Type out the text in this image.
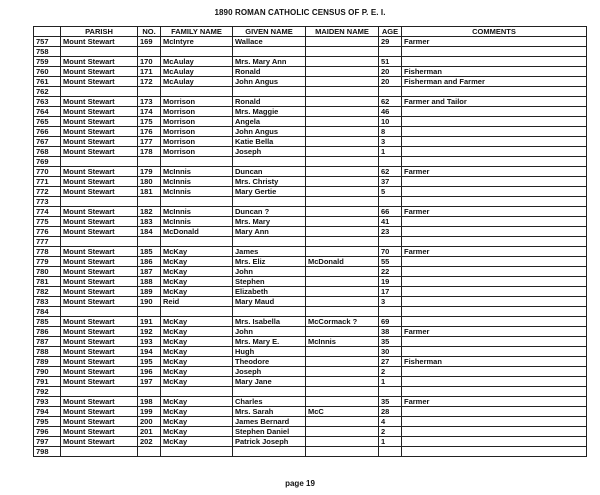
1890 ROMAN CATHOLIC CENSUS OF P. E. I.
	PARISH	NO.	FAMILY NAME	GIVEN NAME	MAIDEN NAME	AGE	COMMENTS
757	Mount Stewart	169	McIntyre	Wallace		29	Farmer
758							
759	Mount Stewart	170	McAulay	Mrs. Mary Ann		51	
760	Mount Stewart	171	McAulay	Ronald		20	Fisherman
761	Mount Stewart	172	McAulay	John Angus		20	Fisherman and Farmer
762							
763	Mount Stewart	173	Morrison	Ronald		62	Farmer and Tailor
764	Mount Stewart	174	Morrison	Mrs. Maggie		46	
765	Mount Stewart	175	Morrison	Angela		10	
766	Mount Stewart	176	Morrison	John Angus		8	
767	Mount Stewart	177	Morrison	Katie Bella		3	
768	Mount Stewart	178	Morrison	Joseph		1	
769							
770	Mount Stewart	179	McInnis	Duncan		62	Farmer
771	Mount Stewart	180	McInnis	Mrs. Christy		37	
772	Mount Stewart	181	McInnis	Mary Gertie		5	
773							
774	Mount Stewart	182	McInnis	Duncan ?		66	Farmer
775	Mount Stewart	183	McInnis	Mrs. Mary		41	
776	Mount Stewart	184	McDonald	Mary Ann		23	
777							
778	Mount Stewart	185	McKay	James		70	Farmer
779	Mount Stewart	186	McKay	Mrs. Eliz	McDonald	55	
780	Mount Stewart	187	McKay	John		22	
781	Mount Stewart	188	McKay	Stephen		19	
782	Mount Stewart	189	McKay	Elizabeth		17	
783	Mount Stewart	190	Reid	Mary Maud		3	
784							
785	Mount Stewart	191	McKay	Mrs. Isabella	McCormack ?	69	
786	Mount Stewart	192	McKay	John		38	Farmer
787	Mount Stewart	193	McKay	Mrs. Mary E.	McInnis	35	
788	Mount Stewart	194	McKay	Hugh		30	
789	Mount Stewart	195	McKay	Theodore		27	Fisherman
790	Mount Stewart	196	McKay	Joseph		2	
791	Mount Stewart	197	McKay	Mary Jane		1	
792							
793	Mount Stewart	198	McKay	Charles		35	Farmer
794	Mount Stewart	199	McKay	Mrs. Sarah	McC	28	
795	Mount Stewart	200	McKay	James Bernard		4	
796	Mount Stewart	201	McKay	Stephen Daniel		2	
797	Mount Stewart	202	McKay	Patrick Joseph		1	
798							
page 19
